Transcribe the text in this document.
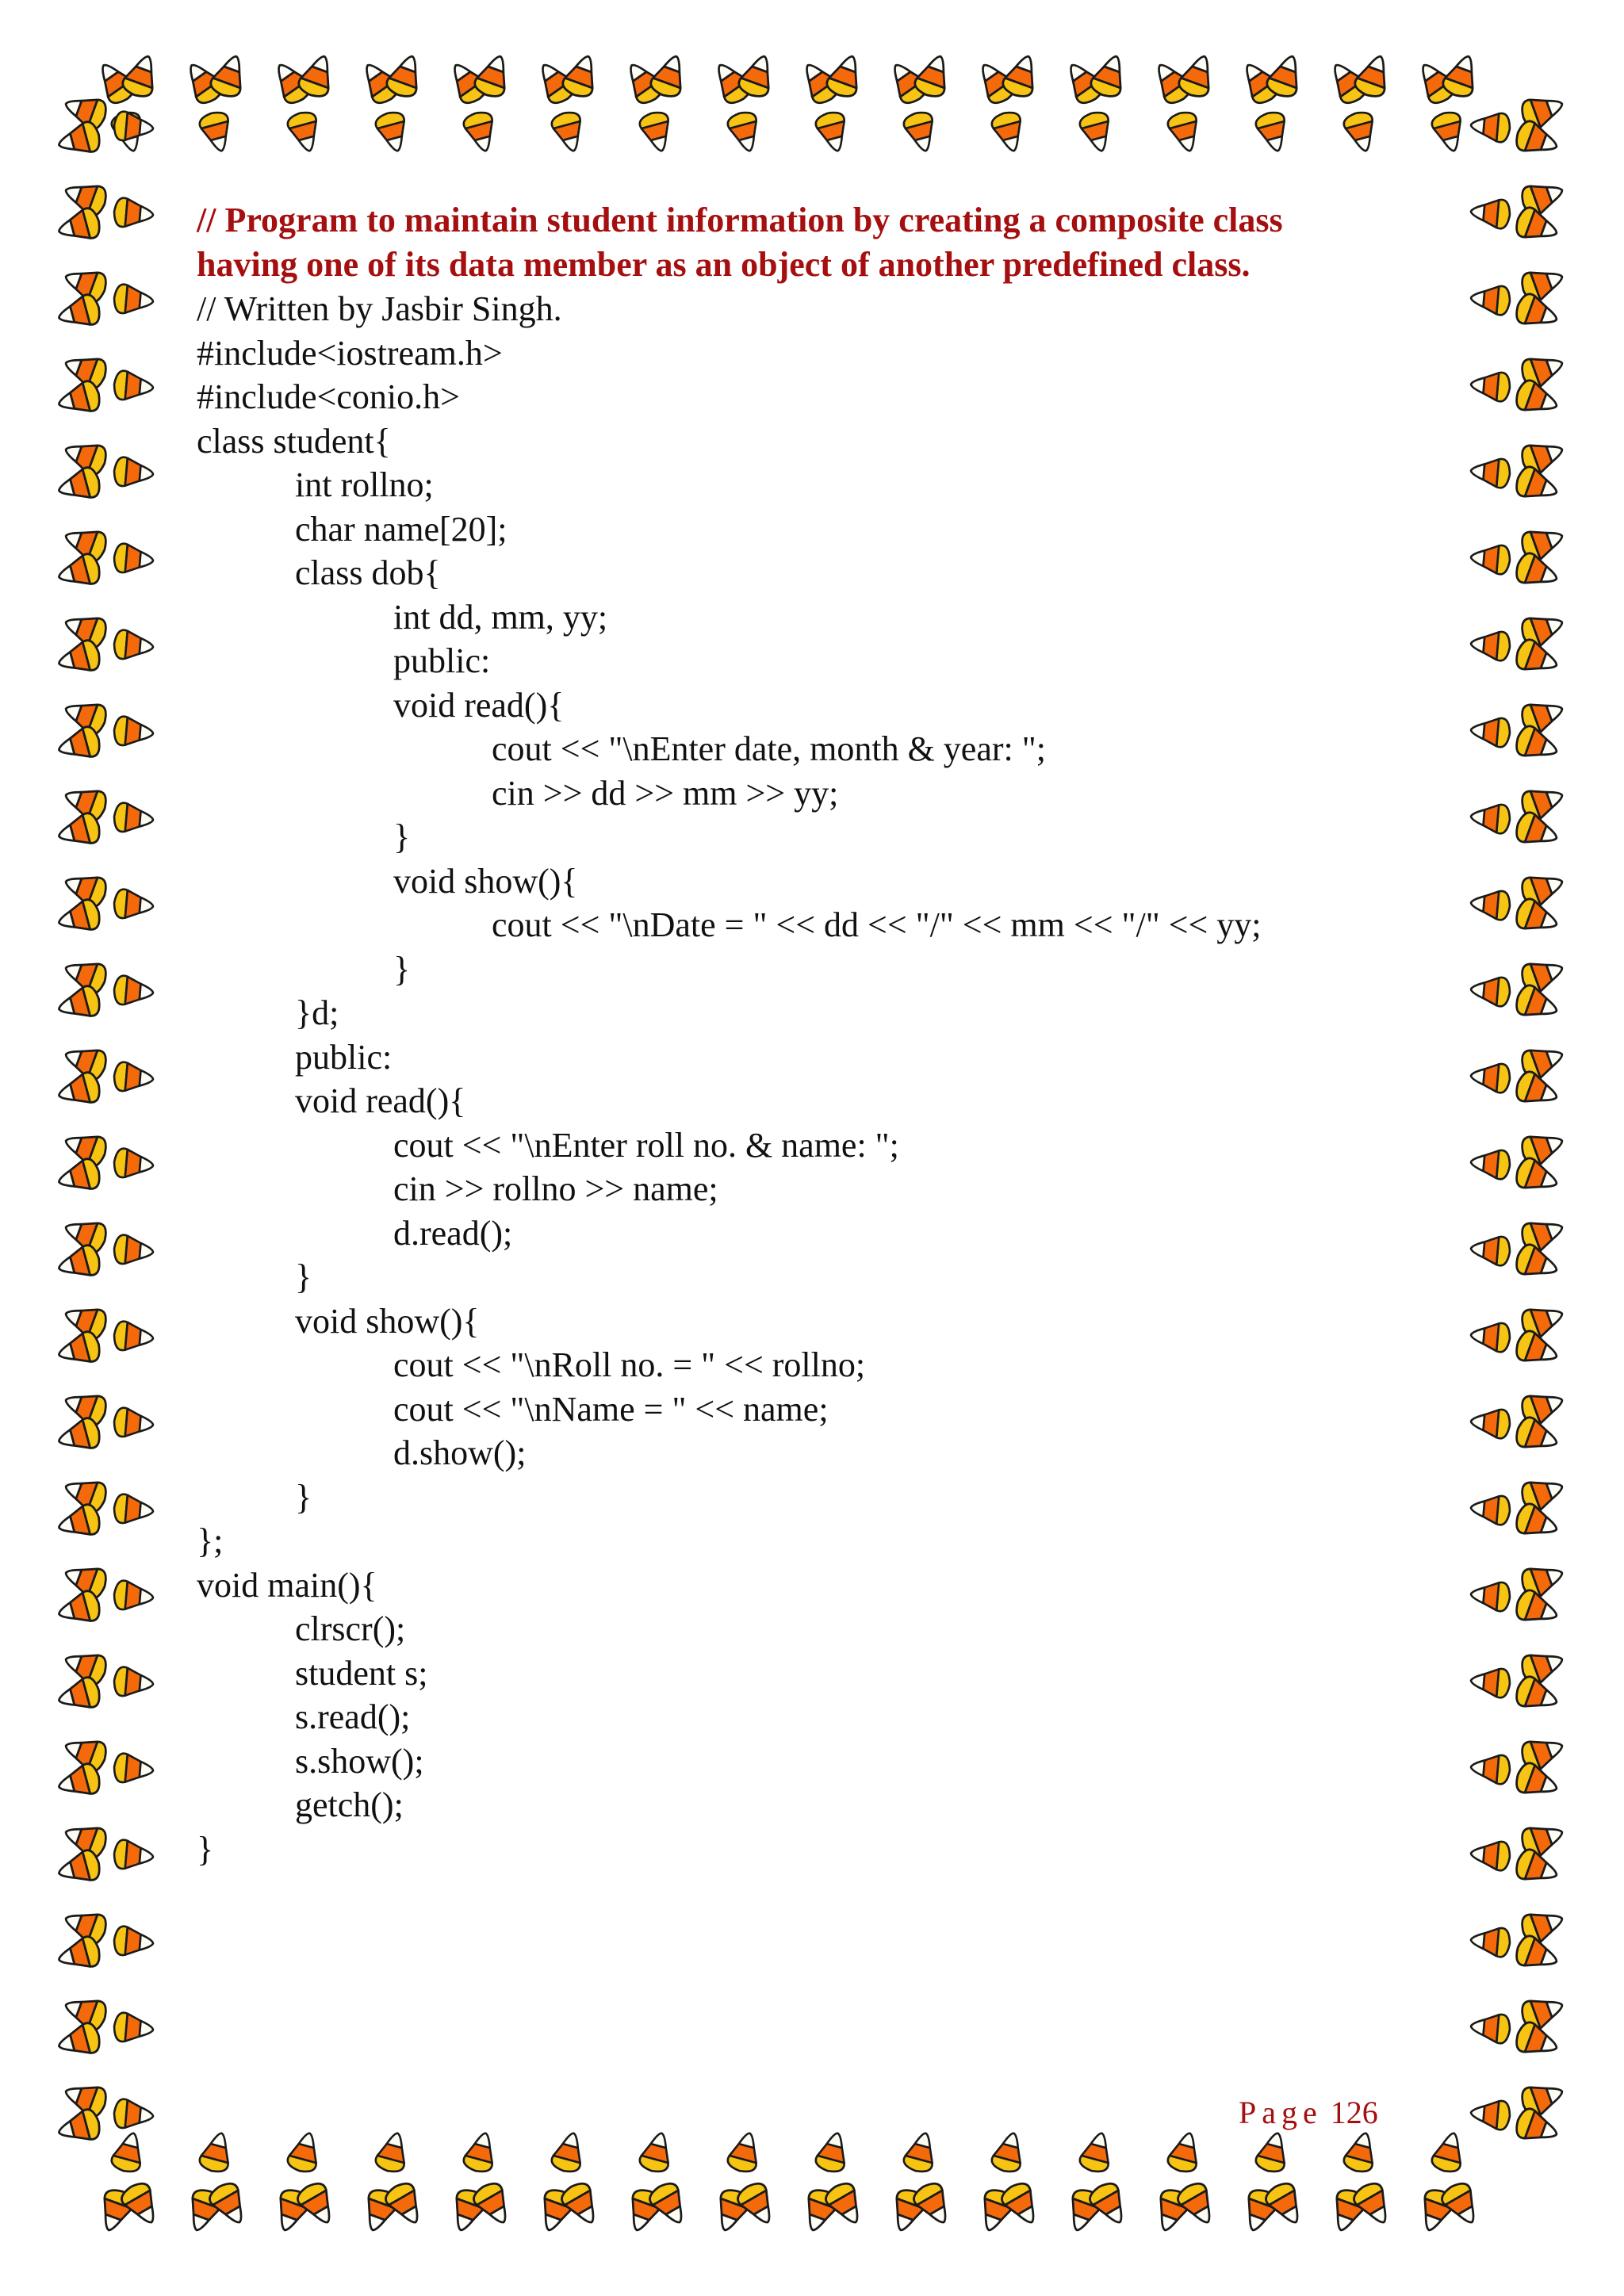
// Program to maintain student information by creating a composite class
having one of its data member as an object of another predefined class.
// Written by Jasbir Singh.
#include<iostream.h>
#include<conio.h>
class student{
int rollno;
char name[20];
class dob{
int dd, mm, yy;
public:
void read(){
cout << "\nEnter date, month & year: ";
cin >> dd >> mm >> yy;
}
void show(){
cout << "\nDate = " << dd << "/" << mm << "/" << yy;
}
}d;
public:
void read(){
cout << "\nEnter roll no. & name: ";
cin >> rollno >> name;
d.read();
}
void show(){
cout << "\nRoll no. = " << rollno;
cout << "\nName = " << name;
d.show();
}
};
void main(){
clrscr();
student s;
s.read();
s.show();
getch();
}
Page 126
